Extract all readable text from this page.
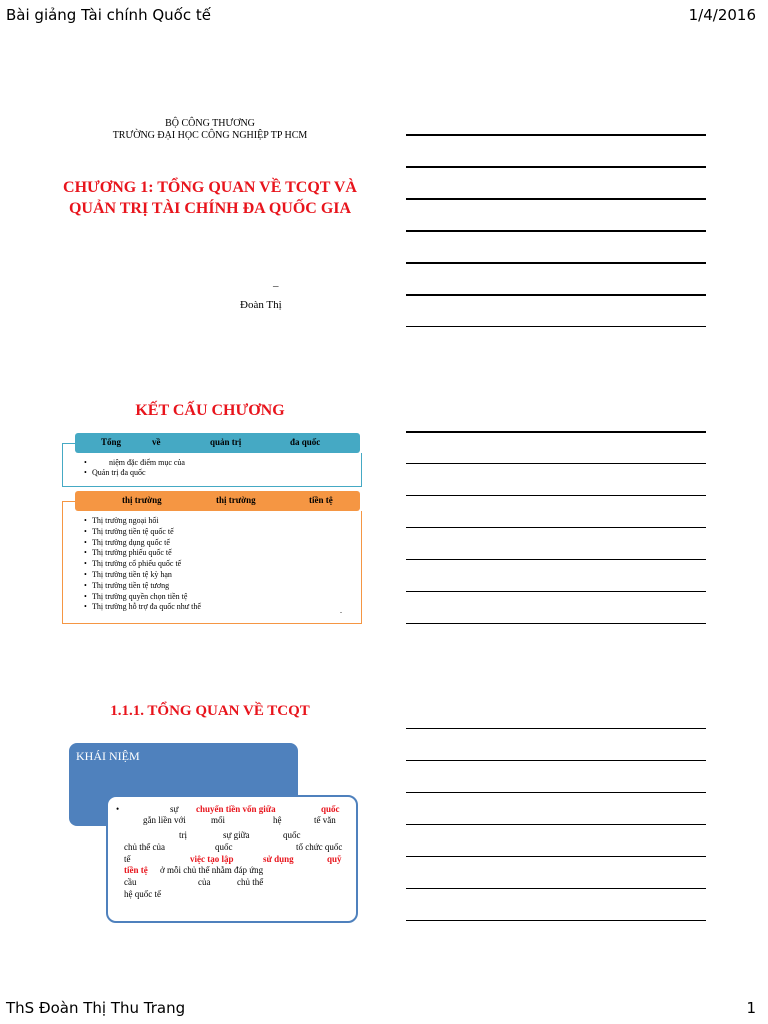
Bài giảng Tài chính Quốc tế	1/4/2016
ThS Đoàn Thị Thu Trang	1
BỘ CÔNG THƯƠNG
TRƯỜNG ĐẠI HỌC CÔNG NGHIỆP TP HCM
CHƯƠNG 1: TỔNG QUAN VỀ TCQT VÀ
QUẢN TRỊ TÀI CHÍNH ĐA QUỐC GIA
–
Đoàn Thị
KẾT CẤU CHƯƠNG
Tổng	về	quản trị	đa quốc
• niệm đặc điểm mục của
• Quản trị đa quốc
thị trường	thị trường	tiền tệ
• Thị trường ngoại hối
• Thị trường tiền tệ quốc tế
• Thị trường dụng quốc tế
• Thị trường phiếu quốc tế
• Thị trường cổ phiếu quốc tế
• Thị trường tiền tệ kỳ hạn
• Thị trường tiền tệ tương
• Thị trường quyền chọn tiền tệ
• Thị trường hỗ trợ đa quốc như thế	.
1.1.1. TỔNG QUAN VỀ TCQT
KHÁI NIỆM
•	sự chuyển tiền vốn giữa	quốc
gắn liền với	mối	hệ	tế văn
trị	sự giữa	quốc
chủ thể của	quốc	tổ chức quốc
tế	việc tạo lập	sử dụng	quỹ
tiền tệ ở mỗi chủ thể nhằm đáp ứng
cầu	của	chủ thể
hệ quốc tế
